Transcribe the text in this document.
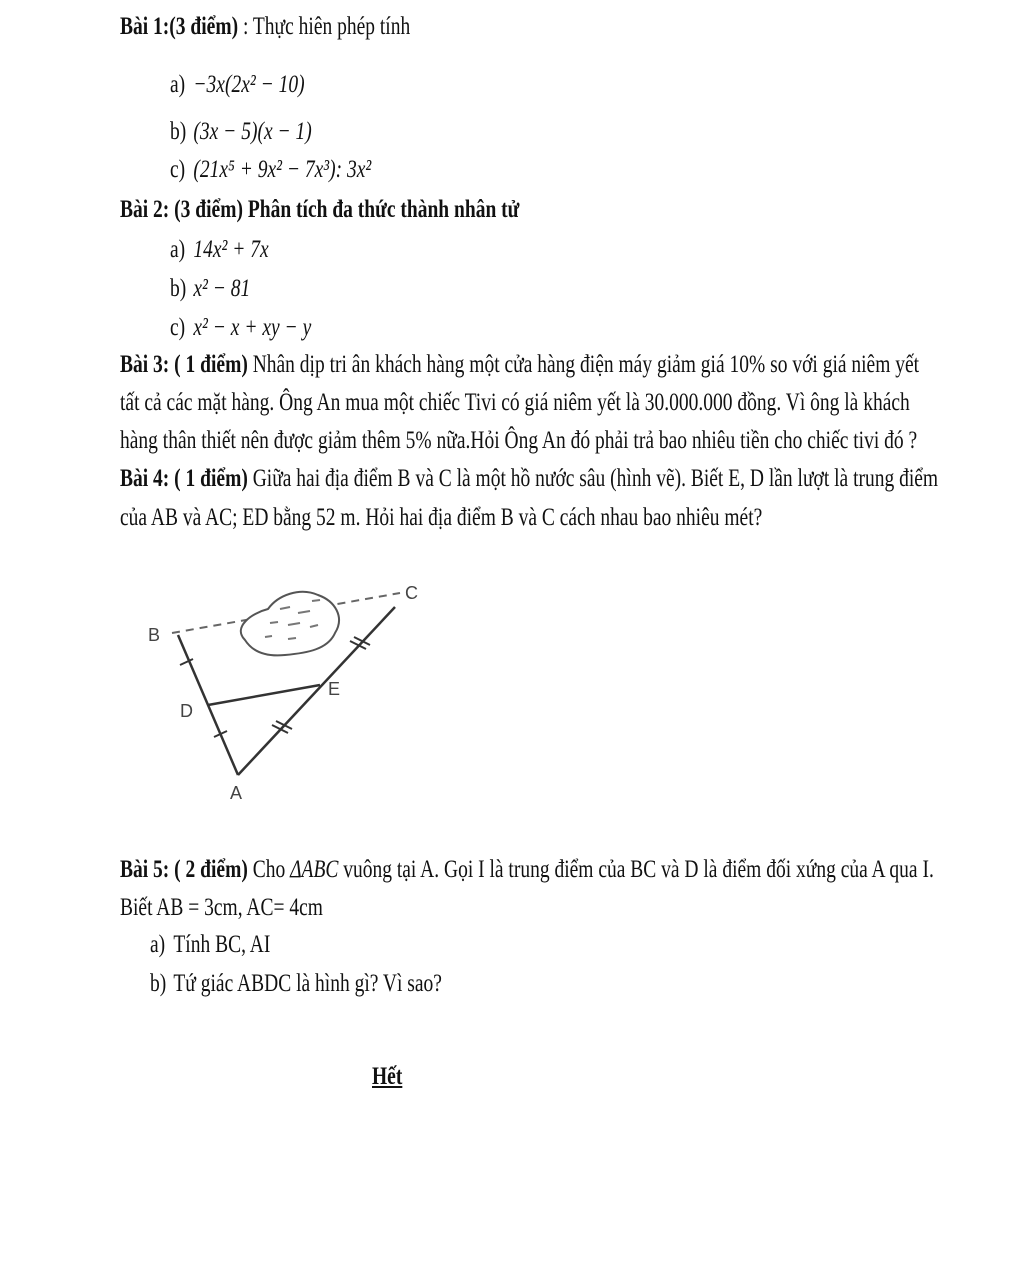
Bài 1:(3 điểm) : Thực hiên phép tính
a) −3x(2x² − 10)
b) (3x − 5)(x − 1)
c) (21x⁵ + 9x² − 7x³): 3x²
Bài 2: (3 điểm) Phân tích đa thức thành nhân tử
a) 14x² + 7x
b) x² − 81
c) x² − x + xy − y
Bài 3: ( 1 điểm) Nhân dịp tri ân khách hàng một cửa hàng điện máy giảm giá 10% so với giá niêm yết
tất cả các mặt hàng. Ông An mua một chiếc Tivi có giá niêm yết là 30.000.000 đồng. Vì ông là khách
hàng thân thiết nên được giảm thêm 5% nữa.Hỏi Ông An đó phải trả bao nhiêu tiền cho chiếc tivi đó ?
Bài 4: ( 1 điểm) Giữa hai địa điểm B và C là một hồ nước sâu (hình vẽ). Biết E, D lần lượt là trung điểm
của AB và AC; ED bằng 52 m. Hỏi hai địa điểm B và C cách nhau bao nhiêu mét?
B
C
D
E
A
Bài 5: ( 2 điểm) Cho ΔABC vuông tại A. Gọi I là trung điểm của BC và D là điểm đối xứng của A qua I.
Biết AB = 3cm, AC= 4cm
a) Tính BC, AI
b) Tứ giác ABDC là hình gì? Vì sao?
Hết
